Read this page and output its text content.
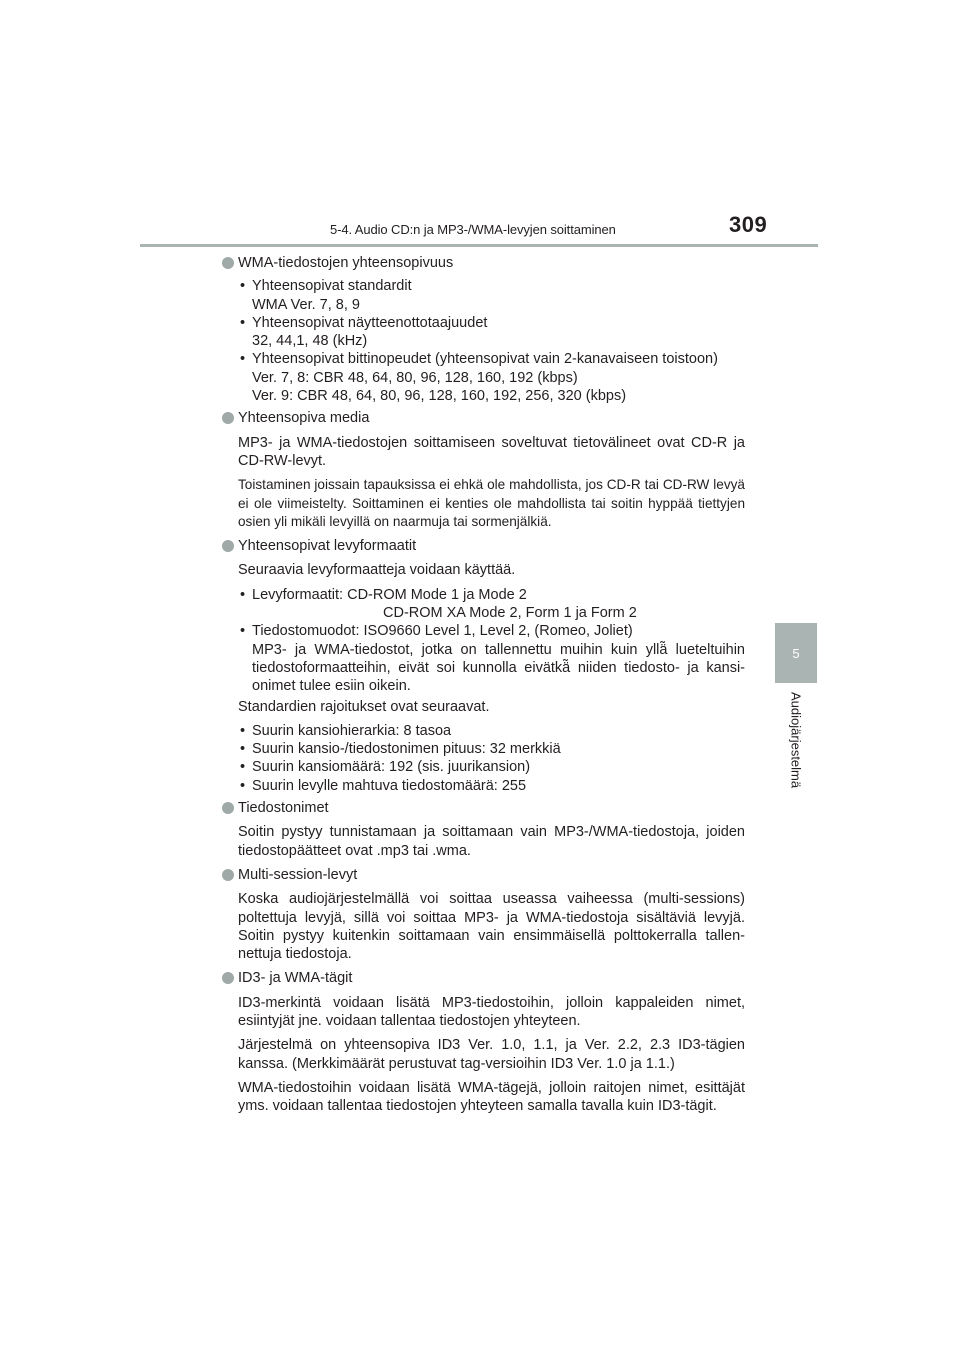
5-4. Audio CD:n ja MP3-/WMA-levyjen soittaminen	309
5
Audiojärjestelmä

WMA-tiedostojen yhteensopivuus

• Yhteensopivat standardit

WMA Ver. 7, 8, 9

• Yhteensopivat näytteenottotaajuudet

32, 44,1, 48 (kHz)

• Yhteensopivat bittinopeudet (yhteensopivat vain 2-kanavaiseen toistoon)

Ver. 7, 8: CBR 48, 64, 80, 96, 128, 160, 192 (kbps)

Ver. 9: CBR 48, 64, 80, 96, 128, 160, 192, 256, 320 (kbps)

Yhteensopiva media

MP3- ja WMA-tiedostojen soittamiseen soveltuvat tietovälineet ovat CD-R ja CD-RW-levyt.

Toistaminen joissain tapauksissa ei ehkä ole mahdollista, jos CD-R tai CD-RW levyä ei ole viimeistelty. Soittaminen ei kenties ole mahdollista tai soitin hyppää tiettyjen osien yli mikäli levyillä on naarmuja tai sormenjälkiä.

Yhteensopivat levyformaatit

Seuraavia levyformaatteja voidaan käyttää.

• Levyformaatit: CD-ROM Mode 1 ja Mode 2

CD-ROM XA Mode 2, Form 1 ja Form 2

• Tiedostomuodot: ISO9660 Level 1, Level 2, (Romeo, Joliet)

MP3- ja WMA-tiedostot, jotka on tallennettu muihin kuin yllä̃ lueteltuihin tiedostoformaatteihin, eivät soi kunnolla eivätkä̃ niiden tiedosto- ja kansi-onimet tulee esiin oikein.

Standardien rajoitukset ovat seuraavat.

• Suurin kansiohierarkia: 8 tasoa

• Suurin kansio-/tiedostonimen pituus: 32 merkkiä

• Suurin kansiomäärä: 192 (sis. juurikansion)

• Suurin levylle mahtuva tiedostomäärä: 255

Tiedostonimet

Soitin pystyy tunnistamaan ja soittamaan vain MP3-/WMA-tiedostoja, joiden tiedostopäätteet ovat .mp3 tai .wma.

Multi-session-levyt

Koska audiojärjestelmällä voi soittaa useassa vaiheessa (multi-sessions) poltettuja levyjä, sillä voi soittaa MP3- ja WMA-tiedostoja sisältäviä levyjä. Soitin pystyy kuitenkin soittamaan vain ensimmäisellä polttokerralla tallen-nettuja tiedostoja.

ID3- ja WMA-tägit

ID3-merkintä voidaan lisätä MP3-tiedostoihin, jolloin kappaleiden nimet, esiintyjät jne. voidaan tallentaa tiedostojen yhteyteen.

Järjestelmä on yhteensopiva ID3 Ver. 1.0, 1.1, ja Ver. 2.2, 2.3 ID3-tägien kanssa. (Merkkimäärät perustuvat tag-versioihin ID3 Ver. 1.0 ja 1.1.)

WMA-tiedostoihin voidaan lisätä WMA-tägejä, jolloin raitojen nimet, esittäjät yms. voidaan tallentaa tiedostojen yhteyteen samalla tavalla kuin ID3-tägit.
